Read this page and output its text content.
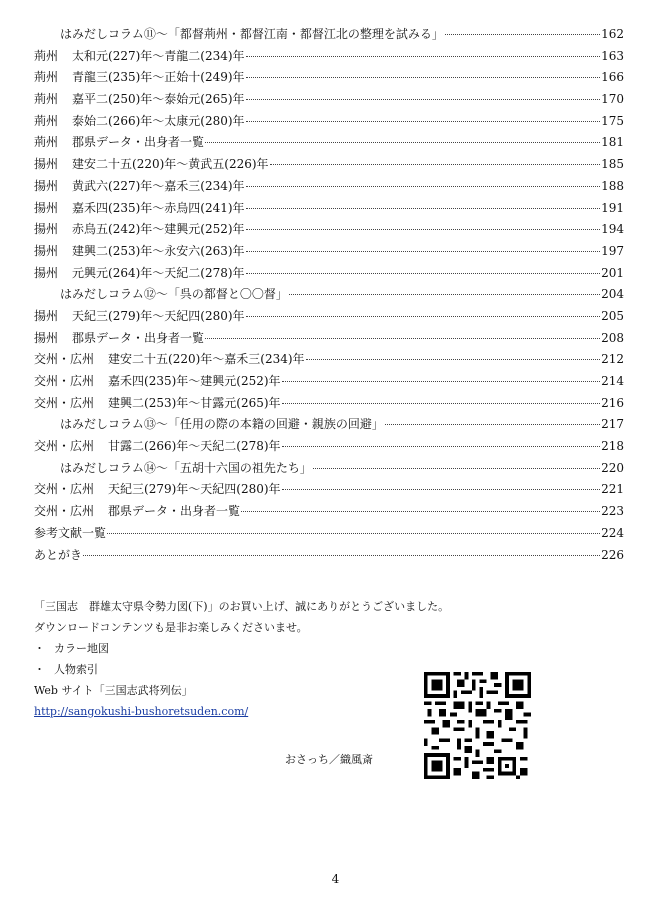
はみだしコラム⑪～「都督荊州・都督江南・都督江北の整理を試みる」	162
荊州 太和元(227)年～青龍二(234)年	163
荊州 青龍三(235)年～正始十(249)年	166
荊州 嘉平二(250)年～泰始元(265)年	170
荊州 泰始二(266)年～太康元(280)年	175
荊州 郡県データ・出身者一覧	181
揚州 建安二十五(220)年～黄武五(226)年	185
揚州 黄武六(227)年～嘉禾三(234)年	188
揚州 嘉禾四(235)年～赤烏四(241)年	191
揚州 赤烏五(242)年～建興元(252)年	194
揚州 建興二(253)年～永安六(263)年	197
揚州 元興元(264)年～天紀二(278)年	201
はみだしコラム⑫～「呉の都督と〇〇督」	204
揚州 天紀三(279)年～天紀四(280)年	205
揚州 郡県データ・出身者一覧	208
交州・広州 建安二十五(220)年～嘉禾三(234)年	212
交州・広州 嘉禾四(235)年～建興元(252)年	214
交州・広州 建興二(253)年～甘露元(265)年	216
はみだしコラム⑬～「任用の際の本籍の回避・親族の回避」	217
交州・広州 甘露二(266)年～天紀二(278)年	218
はみだしコラム⑭～「五胡十六国の祖先たち」	220
交州・広州 天紀三(279)年～天紀四(280)年	221
交州・広州 郡県データ・出身者一覧	223
参考文献一覧	224
あとがき	226
「三国志　群雄太守県令勢力図(下)」のお買い上げ、誠にありがとうございました。
ダウンロードコンテンツも是非お楽しみくださいませ。
・ カラー地図
・ 人物索引
Web サイト「三国志武将列伝」
http://sangokushi-bushoretsuden.com/
おさっち／織風斎
4
